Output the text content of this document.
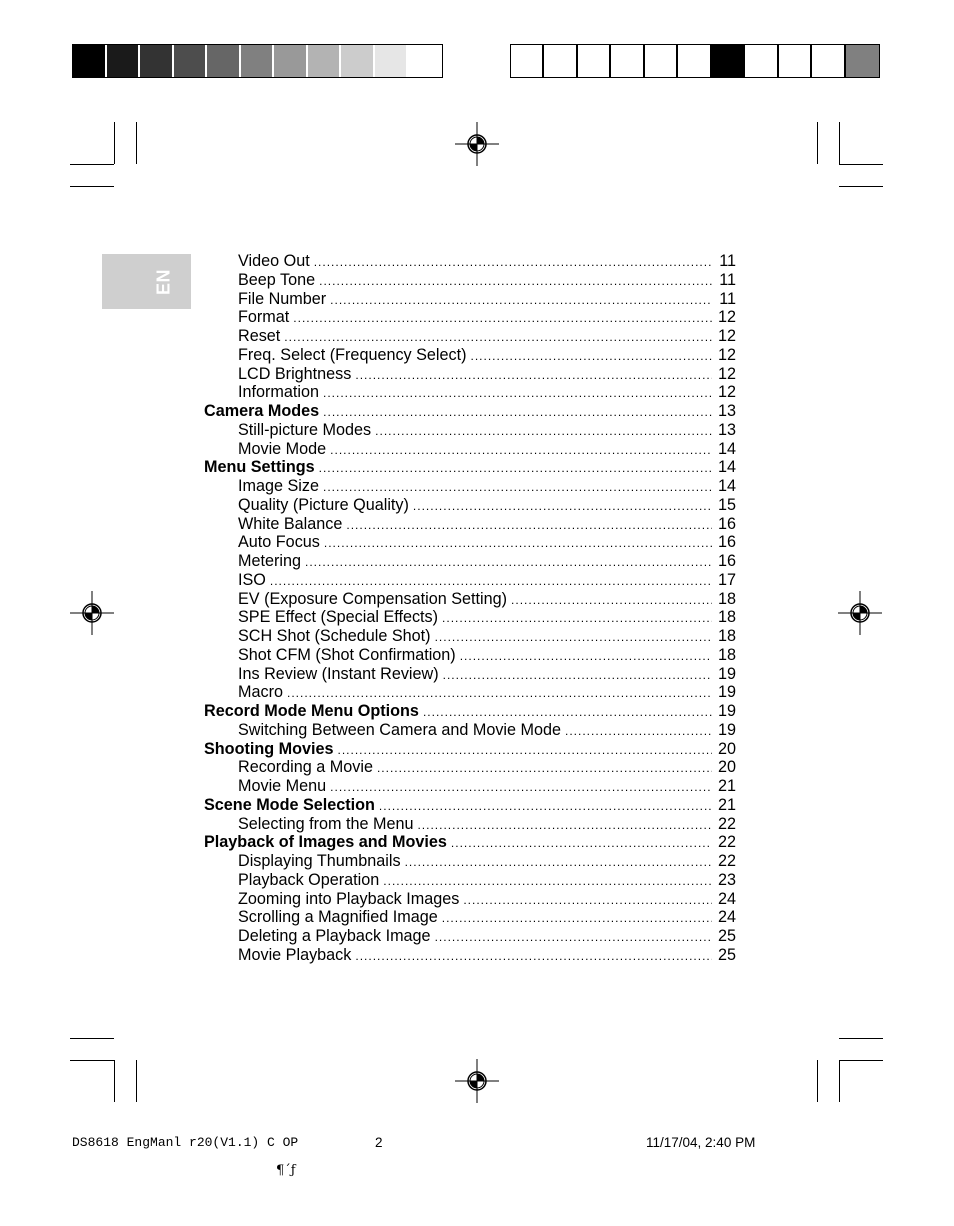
EN
Video Out .....	11
Beep Tone .....	11
File Number .....	11
Format .....	12
Reset .....	12
Freq. Select (Frequency Select) .....	12
LCD Brightness .....	12
Information .....	12
Camera Modes .....	13
Still-picture Modes .....	13
Movie Mode .....	14
Menu Settings .....	14
Image Size .....	14
Quality (Picture Quality) .....	15
White Balance .....	16
Auto Focus .....	16
Metering .....	16
ISO .....	17
EV (Exposure Compensation Setting) .....	18
SPE Effect (Special Effects) .....	18
SCH Shot (Schedule Shot) .....	18
Shot CFM (Shot Confirmation) .....	18
Ins Review (Instant Review) .....	19
Macro .....	19
Record Mode Menu Options .....	19
Switching Between Camera and Movie Mode .....	19
Shooting Movies .....	20
Recording a Movie .....	20
Movie Menu .....	21
Scene Mode Selection .....	21
Selecting from the Menu .....	22
Playback of Images and Movies .....	22
Displaying Thumbnails .....	22
Playback Operation .....	23
Zooming into Playback Images .....	24
Scrolling a Magnified Image .....	24
Deleting a Playback Image .....	25
Movie Playback .....	25
DS8618 EngManl r20(V1.1) C OP	2	11/17/04, 2:40 PM
¶ˊƒ
